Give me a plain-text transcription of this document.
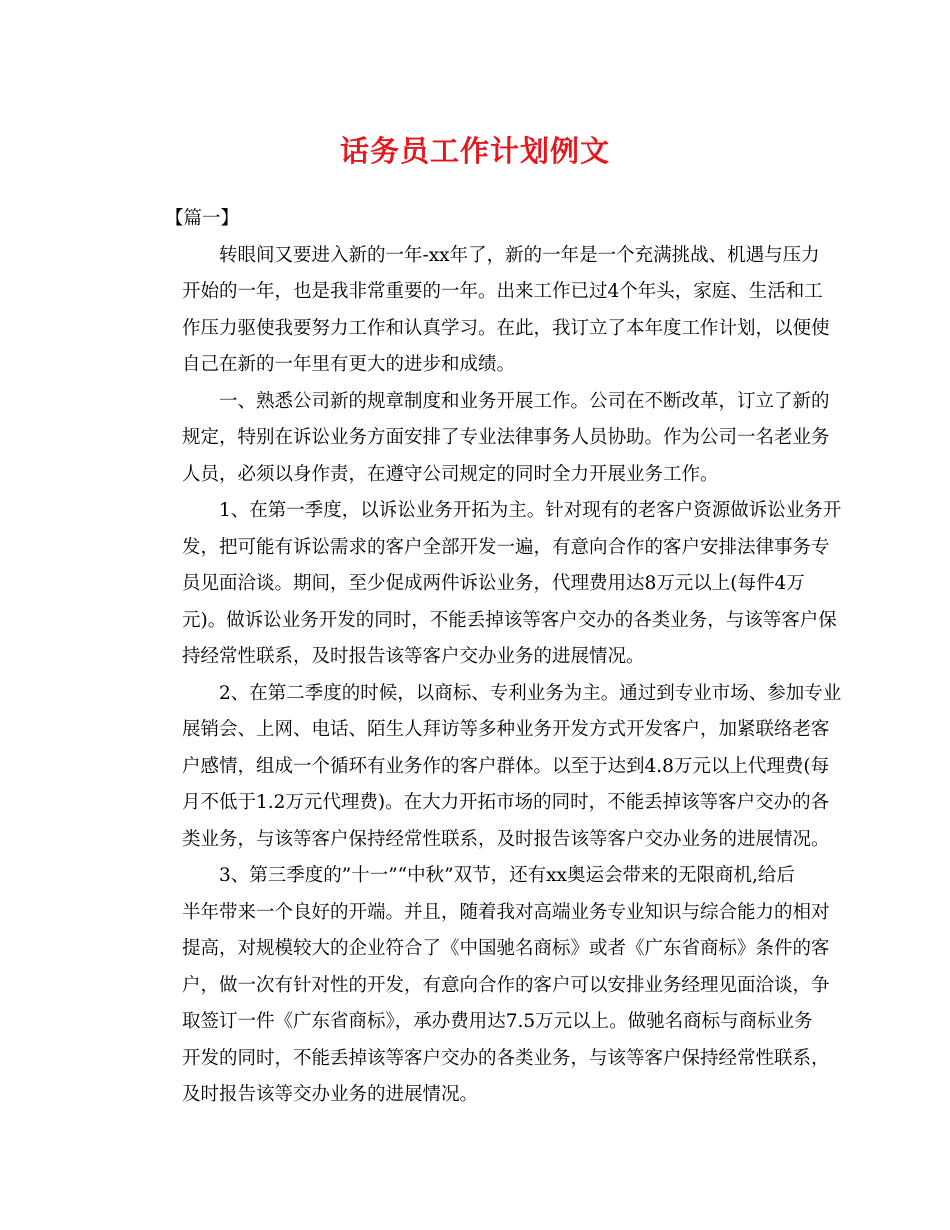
话务员工作计划例文

【篇一】

转眼间又要进入新的一年-xx年了，新的一年是一个充满挑战、机遇与压力
开始的一年，也是我非常重要的一年。出来工作已过4个年头，家庭、生活和工
作压力驱使我要努力工作和认真学习。在此，我订立了本年度工作计划，以便使
自己在新的一年里有更大的进步和成绩。
一、熟悉公司新的规章制度和业务开展工作。公司在不断改革，订立了新的
规定，特别在诉讼业务方面安排了专业法律事务人员协助。作为公司一名老业务
人员，必须以身作责，在遵守公司规定的同时全力开展业务工作。
1、在第一季度，以诉讼业务开拓为主。针对现有的老客户资源做诉讼业务开
发，把可能有诉讼需求的客户全部开发一遍，有意向合作的客户安排法律事务专
员见面洽谈。期间，至少促成两件诉讼业务，代理费用达8万元以上(每件4万
元)。做诉讼业务开发的同时，不能丢掉该等客户交办的各类业务，与该等客户保
持经常性联系，及时报告该等客户交办业务的进展情况。
2、在第二季度的时候，以商标、专利业务为主。通过到专业市场、参加专业
展销会、上网、电话、陌生人拜访等多种业务开发方式开发客户，加紧联络老客
户感情，组成一个循环有业务作的客户群体。以至于达到4.8万元以上代理费(每
月不低于1.2万元代理费)。在大力开拓市场的同时，不能丢掉该等客户交办的各
类业务，与该等客户保持经常性联系，及时报告该等客户交办业务的进展情况。
3、第三季度的”十一”“中秋”双节，还有xx奥运会带来的无限商机,给后
半年带来一个良好的开端。并且，随着我对高端业务专业知识与综合能力的相对
提高，对规模较大的企业符合了《中国驰名商标》或者《广东省商标》条件的客
户，做一次有针对性的开发，有意向合作的客户可以安排业务经理见面洽谈，争
取签订一件《广东省商标》，承办费用达7.5万元以上。做驰名商标与商标业务
开发的同时，不能丢掉该等客户交办的各类业务，与该等客户保持经常性联系，
及时报告该等交办业务的进展情况。
